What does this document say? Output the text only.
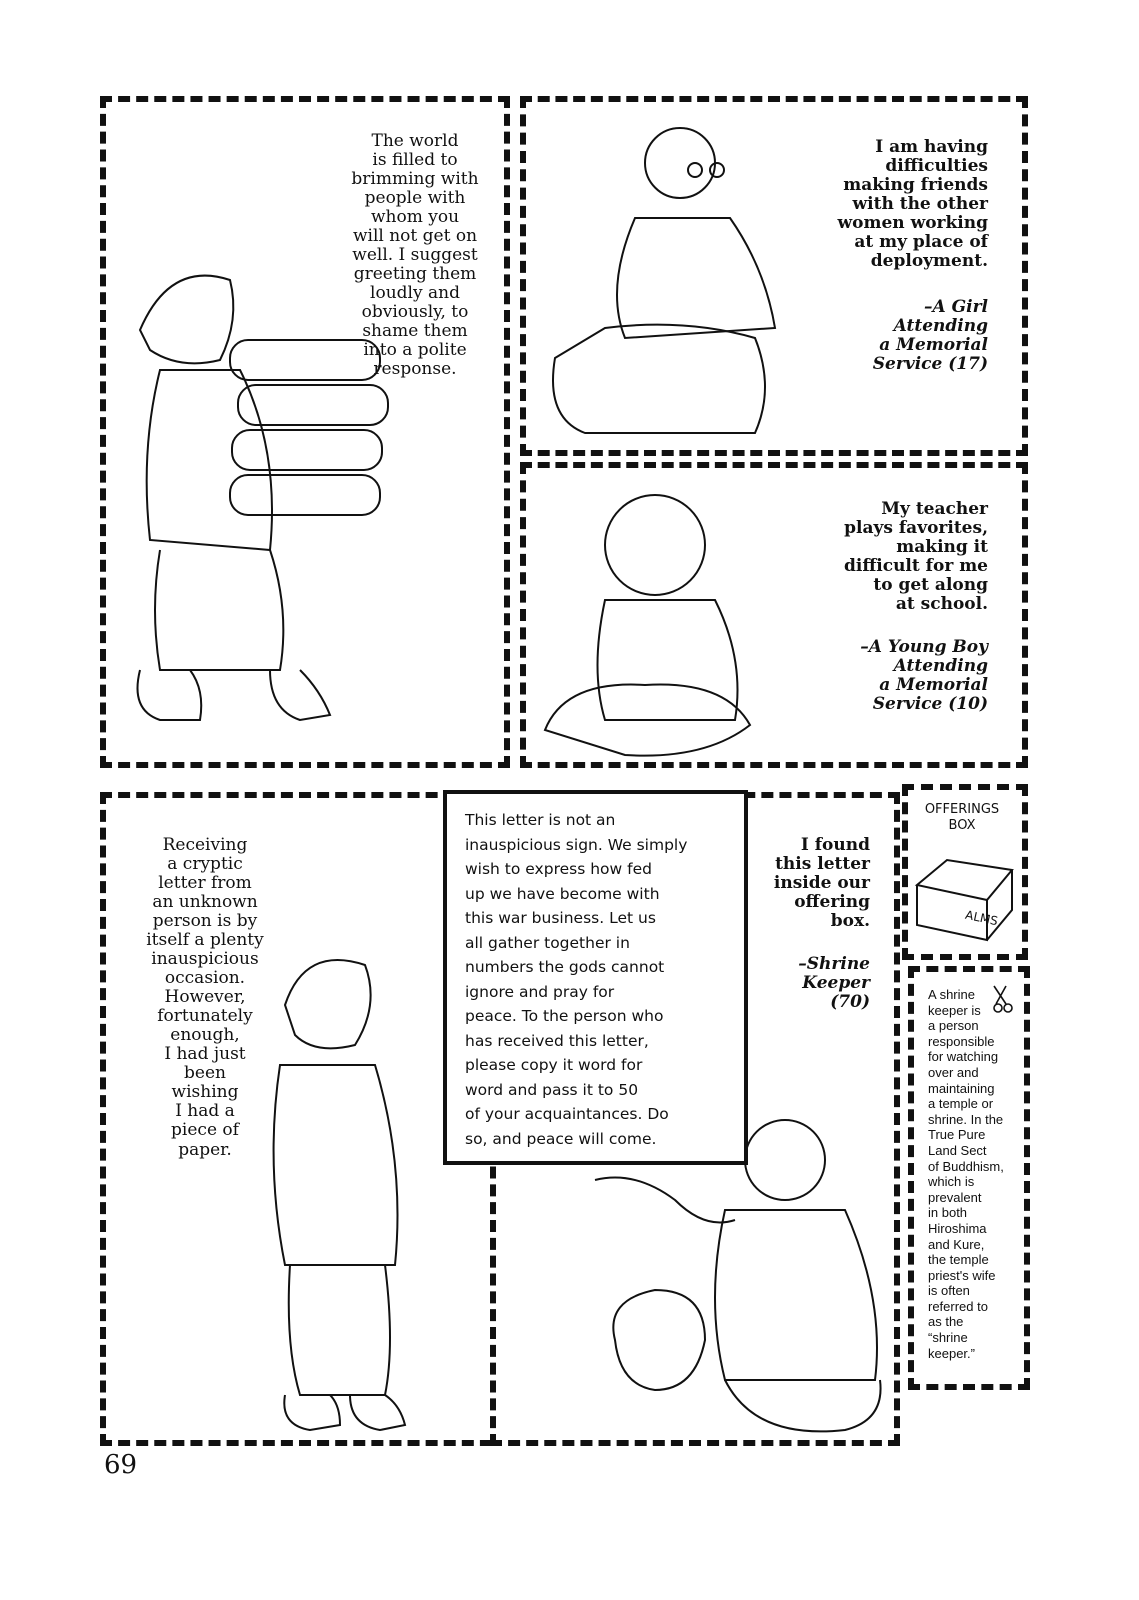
ALMS
The world
is filled to
brimming with
people with
whom you
will not get on
well. I suggest
greeting them
loudly and
obviously, to
shame them
into a polite
response.
I am having
difficulties
making friends
with the other
women working
at my place of
deployment.
–A Girl
Attending
a Memorial
Service (17)
My teacher
plays favorites,
making it
difficult for me
to get along
at school.
–A Young Boy
Attending
a Memorial
Service (10)
Receiving
a cryptic
letter from
an unknown
person is by
itself a plenty
inauspicious
occasion.
However,
fortunately
enough,
I had just
been
wishing
I had a
piece of
paper.
This letter is not an
inauspicious sign. We simply
wish to express how fed
up we have become with
this war business. Let us
all gather together in
numbers the gods cannot
ignore and pray for
peace. To the person who
has received this letter,
please copy it word for
word and pass it to 50
of your acquaintances. Do
so, and peace will come.
I found
this letter
inside our
offering
box.
–Shrine
Keeper (70)
OFFERINGS
BOX
A shrine
keeper is
a person
responsible
for watching
over and
maintaining
a temple or
shrine. In the
True Pure
Land Sect
of Buddhism,
which is
prevalent
in both
Hiroshima
and Kure,
the temple
priest's wife
is often
referred to
as the
“shrine
keeper.”
69
